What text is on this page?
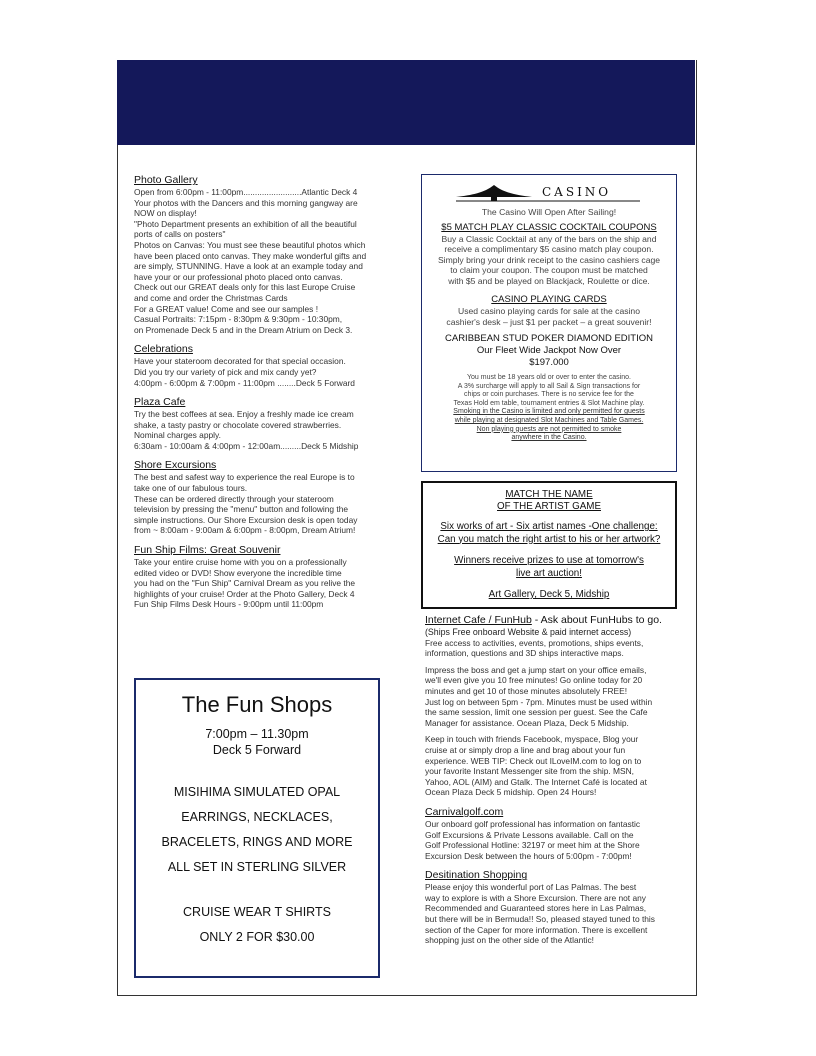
Photo Gallery

Open from 6:00pm - 11:00pm.........................Atlantic Deck 4
Your photos with the Dancers and this morning gangway are
NOW on display!
"Photo Department presents an exhibition of all the beautiful
ports of calls on posters"
Photos on Canvas: You must see these beautiful photos which
have been placed onto canvas. They make wonderful gifts and
are simply, STUNNING. Have a look at an example today and
have your or our professional photo placed onto canvas.
Check out our GREAT deals only for this last Europe Cruise
and come and order the Christmas Cards
For a GREAT value! Come and see our samples !
Casual Portraits: 7:15pm - 8:30pm & 9:30pm - 10:30pm,
on Promenade Deck 5 and in the Dream Atrium on Deck 3.

Celebrations

Have your stateroom decorated for that special occasion.
Did you try our variety of pick and mix candy yet?
4:00pm - 6:00pm & 7:00pm - 11:00pm ........Deck 5 Forward

Plaza Cafe

Try the best coffees at sea. Enjoy a freshly made ice cream
shake, a tasty pastry or chocolate covered strawberries.
Nominal charges apply.
6:30am - 10:00am & 4:00pm - 12:00am.........Deck 5 Midship

Shore Excursions

The best and safest way to experience the real Europe is to
take one of our fabulous tours.
These can be ordered directly through your stateroom
television by pressing the "menu" button and following the
simple instructions. Our Shore Excursion desk is open today
from ~ 8:00am - 9:00am & 6:00pm - 8:00pm, Dream Atrium!

Fun Ship Films: Great Souvenir

Take your entire cruise home with you on a professionally
edited video or DVD! Show everyone the incredible time
you had on the "Fun Ship" Carnival Dream as you relive the
highlights of your cruise! Order at the Photo Gallery, Deck 4
Fun Ship Films Desk Hours - 9:00pm until 11:00pm

The Fun Shops

7:00pm – 11.30pm
Deck 5 Forward

MISIHIMA SIMULATED OPAL
EARRINGS, NECKLACES,
BRACELETS, RINGS AND MORE
ALL SET IN STERLING SILVER

CRUISE WEAR T SHIRTS
ONLY 2 FOR $30.00

CASINO

The Casino Will Open After Sailing!

$5 MATCH PLAY CLASSIC COCKTAIL COUPONS

Buy a Classic Cocktail at any of the bars on the ship and
receive a complimentary $5 casino match play coupon.
Simply bring your drink receipt to the casino cashiers cage
to claim your coupon. The coupon must be matched
with $5 and be played on Blackjack, Roulette or dice.

CASINO PLAYING CARDS

Used casino playing cards for sale at the casino
cashier's desk – just $1 per packet – a great souvenir!

CARIBBEAN STUD POKER DIAMOND EDITION
Our Fleet Wide Jackpot Now Over
$197.000

You must be 18 years old or over to enter the casino.
A 3% surcharge will apply to all Sail & Sign transactions for
chips or coin purchases. There is no service fee for the
Texas Hold em table, tournament entries & Slot Machine play.

Smoking in the Casino is limited and only permitted for guests
while playing at designated Slot Machines and Table Games.
Non playing guests are not permitted to smoke
anywhere in the Casino.

MATCH THE NAME
OF THE ARTIST GAME

Six works of art - Six artist names -One challenge:
Can you match the right artist to his or her artwork?

Winners receive prizes to use at tomorrow's
live art auction!

Art Gallery, Deck 5, Midship

Internet Cafe / FunHub - Ask about FunHubs to go.

(Ships Free onboard Website & paid internet access)

Free access to activities, events, promotions, ships events,
information, questions and 3D ships interactive maps.

Impress the boss and get a jump start on your office emails,
we'll even give you 10 free minutes! Go online today for 20
minutes and get 10 of those minutes absolutely FREE!
Just log on between 5pm - 7pm. Minutes must be used within
the same session, limit one session per guest. See the Cafe
Manager for assistance. Ocean Plaza, Deck 5 Midship.

Keep in touch with friends Facebook, myspace, Blog your
cruise at or simply drop a line and brag about your fun
experience. WEB TIP: Check out ILoveIM.com to log on to
your favorite Instant Messenger site from the ship. MSN,
Yahoo, AOL (AIM) and Gtalk. The Internet Café is located at
Ocean Plaza Deck 5 midship. Open 24 Hours!

Carnivalgolf.com

Our onboard golf professional has information on fantastic
Golf Excursions & Private Lessons available. Call on the
Golf Professional Hotline: 32197 or meet him at the Shore
Excursion Desk between the hours of 5:00pm - 7:00pm!

Desitination Shopping

Please enjoy this wonderful port of Las Palmas. The best
way to explore is with a Shore Excursion. There are not any
Recommended and Guaranteed stores here in Las Palmas,
but there will be in Bermuda!! So, pleased stayed tuned to this
section of the Caper for more information. There is excellent
shopping just on the other side of the Atlantic!
